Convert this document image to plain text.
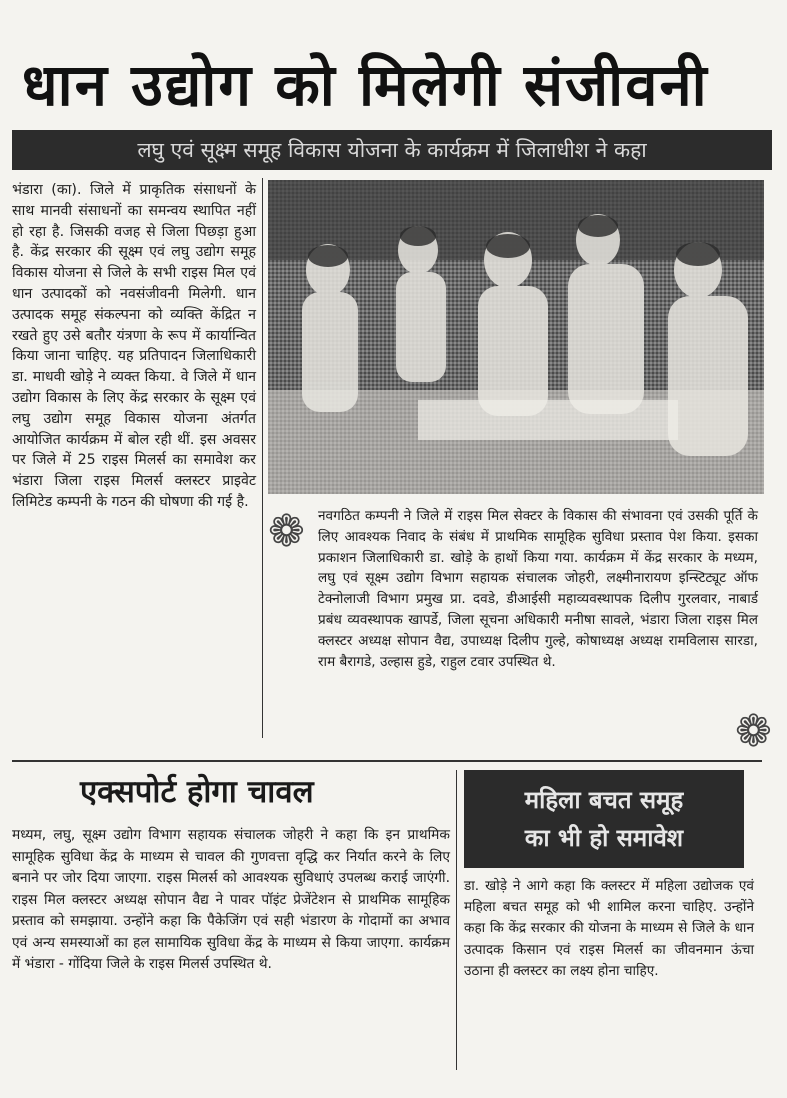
धान उद्योग को मिलेगी संजीवनी
लघु एवं सूक्ष्म समूह विकास योजना के कार्यक्रम में जिलाधीश ने कहा
भंडारा (का). जिले में प्राकृतिक संसाधनों के साथ मानवी संसाधनों का समन्वय स्थापित नहीं हो रहा है. जिसकी वजह से जिला पिछड़ा हुआ है. केंद्र सरकार की सूक्ष्म एवं लघु उद्योग समूह विकास योजना से जिले के सभी राइस मिल एवं धान उत्पादकों को नवसंजीवनी मिलेगी. धान उत्पादक समूह संकल्पना को व्यक्ति केंद्रित न रखते हुए उसे बतौर यंत्रणा के रूप में कार्यान्वित किया जाना चाहिए. यह प्रतिपादन जिलाधिकारी डा. माधवी खोड़े ने व्यक्त किया. वे जिले में धान उद्योग विकास के लिए केंद्र सरकार के सूक्ष्म एवं लघु उद्योग समूह विकास योजना अंतर्गत आयोजित कार्यक्रम में बोल रही थीं. इस अवसर पर जिले में 25 राइस मिलर्स का समावेश कर भंडारा जिला राइस मिलर्स क्लस्टर प्राइवेट लिमिटेड कम्पनी के गठन की घोषणा की गई है.
❁ नवगठित कम्पनी ने जिले में राइस मिल सेक्टर के विकास की संभावना एवं उसकी पूर्ति के लिए आवश्यक निवाद के संबंध में प्राथमिक सामूहिक सुविधा प्रस्ताव पेश किया. इसका प्रकाशन जिलाधिकारी डा. खोड़े के हाथों किया गया. कार्यक्रम में केंद्र सरकार के मध्यम, लघु एवं सूक्ष्म उद्योग विभाग सहायक संचालक जोहरी, लक्ष्मीनारायण इन्स्टिट्यूट ऑफ टेक्नोलाजी विभाग प्रमुख प्रा. दवडे, डीआईसी महाव्यवस्थापक दिलीप गुरलवार, नाबार्ड प्रबंध व्यवस्थापक खापर्डे, जिला सूचना अधिकारी मनीषा सावले, भंडारा जिला राइस मिल क्लस्टर अध्यक्ष सोपान वैद्य, उपाध्यक्ष दिलीप गुल्हे, कोषाध्यक्ष अध्यक्ष रामविलास सारडा, राम बैरागडे, उल्हास हुडे, राहुल टवार उपस्थित थे.
❁
एक्सपोर्ट होगा चावल
मध्यम, लघु, सूक्ष्म उद्योग विभाग सहायक संचालक जोहरी ने कहा कि इन प्राथमिक सामूहिक सुविधा केंद्र के माध्यम से चावल की गुणवत्ता वृद्धि कर निर्यात करने के लिए बनाने पर जोर दिया जाएगा. राइस मिलर्स को आवश्यक सुविधाएं उपलब्ध कराई जाएंगी. राइस मिल क्लस्टर अध्यक्ष सोपान वैद्य ने पावर पॉइंट प्रेजेंटेशन से प्राथमिक सामूहिक प्रस्ताव को समझाया. उन्होंने कहा कि पैकेजिंग एवं सही भंडारण के गोदामों का अभाव एवं अन्य समस्याओं का हल सामायिक सुविधा केंद्र के माध्यम से किया जाएगा. कार्यक्रम में भंडारा - गोंदिया जिले के राइस मिलर्स उपस्थित थे.
महिला बचत समूह
का भी हो समावेश
डा. खोड़े ने आगे कहा कि क्लस्टर में महिला उद्योजक एवं महिला बचत समूह को भी शामिल करना चाहिए. उन्होंने कहा कि केंद्र सरकार की योजना के माध्यम से जिले के धान उत्पादक किसान एवं राइस मिलर्स का जीवनमान ऊंचा उठाना ही क्लस्टर का लक्ष्य होना चाहिए.
